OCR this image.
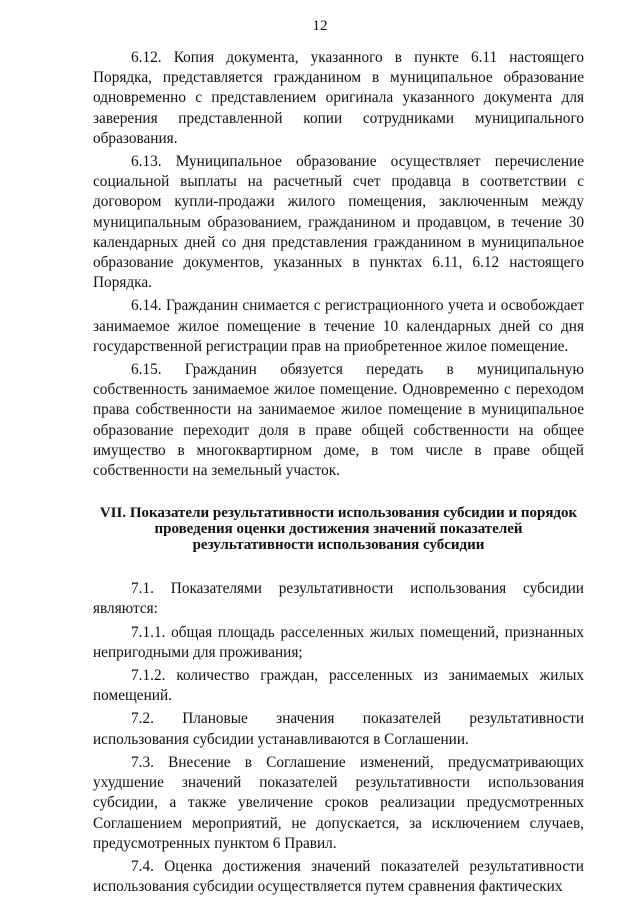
12

6.12. Копия документа, указанного в пункте 6.11 настоящего Порядка, представляется гражданином в муниципальное образование одновременно с представлением оригинала указанного документа для заверения представленной копии сотрудниками муниципального образования.

6.13. Муниципальное образование осуществляет перечисление социальной выплаты на расчетный счет продавца в соответствии с договором купли-продажи жилого помещения, заключенным между муниципальным образованием, гражданином и продавцом, в течение 30 календарных дней со дня представления гражданином в муниципальное образование документов, указанных в пунктах 6.11, 6.12 настоящего Порядка.

6.14. Гражданин снимается с регистрационного учета и освобождает занимаемое жилое помещение в течение 10 календарных дней со дня государственной регистрации прав на приобретенное жилое помещение.

6.15. Гражданин обязуется передать в муниципальную собственность занимаемое жилое помещение. Одновременно с переходом права собственности на занимаемое жилое помещение в муниципальное образование переходит доля в праве общей собственности на общее имущество в многоквартирном доме, в том числе в праве общей собственности на земельный участок.

VII. Показатели результативности использования субсидии и порядок
проведения оценки достижения значений показателей
результативности использования субсидии

7.1. Показателями результативности использования субсидии являются:

7.1.1. общая площадь расселенных жилых помещений, признанных непригодными для проживания;

7.1.2. количество граждан, расселенных из занимаемых жилых помещений.

7.2. Плановые значения показателей результативности использования субсидии устанавливаются в Соглашении.

7.3. Внесение в Соглашение изменений, предусматривающих ухудшение значений показателей результативности использования субсидии, а также увеличение сроков реализации предусмотренных Соглашением мероприятий, не допускается, за исключением случаев, предусмотренных пунктом 6 Правил.

7.4. Оценка достижения значений показателей результативности использования субсидии осуществляется путем сравнения фактических
